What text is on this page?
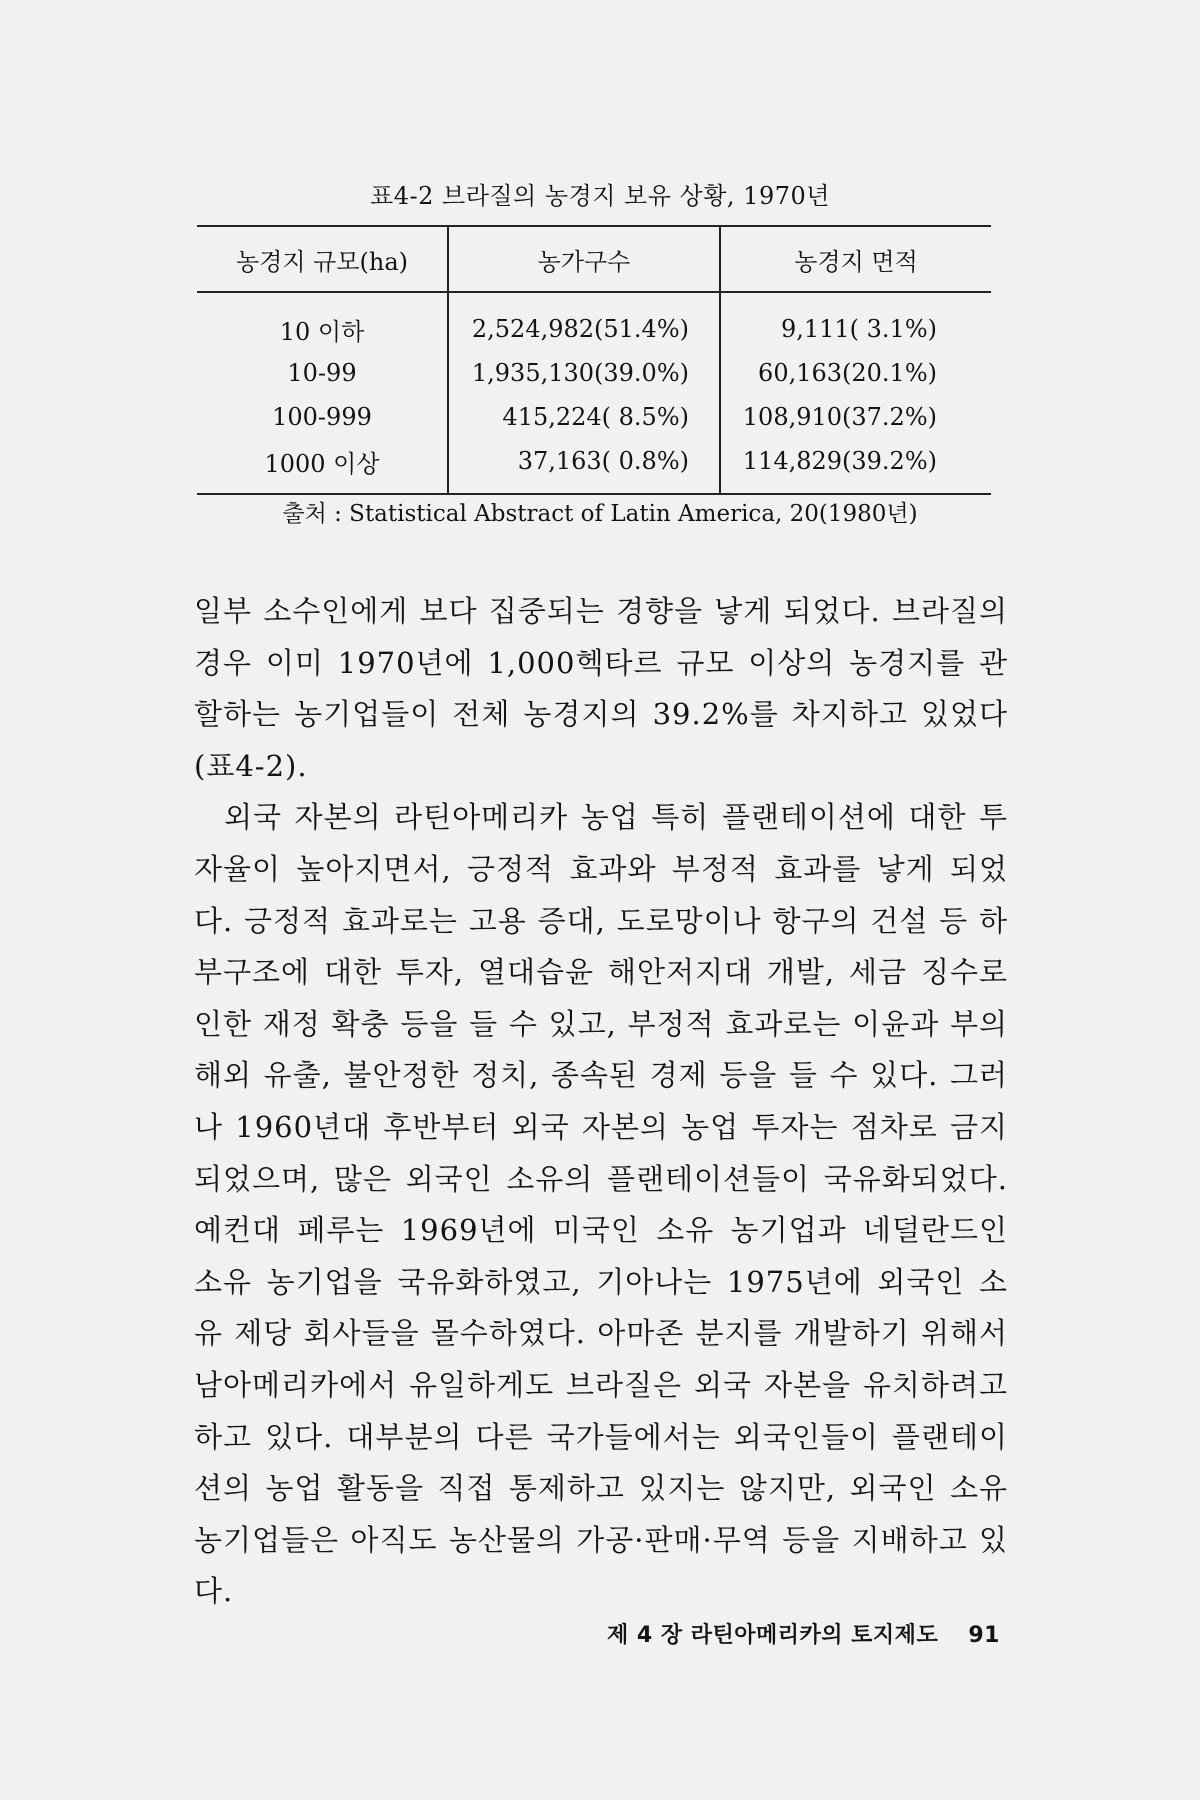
표4-2 브라질의 농경지 보유 상황, 1970년
농경지 규모(ha)	농가구수	농경지 면적
10 이하	2,524,982(51.4%)	9,111( 3.1%)
10-99	1,935,130(39.0%)	60,163(20.1%)
100-999	415,224( 8.5%)	108,910(37.2%)
1000 이상	37,163( 0.8%)	114,829(39.2%)
출처 : Statistical Abstract of Latin America, 20(1980년)

일부 소수인에게 보다 집중되는 경향을 낳게 되었다. 브라질의 경우 이미 1970년에 1,000헥타르 규모 이상의 농경지를 관할하는 농기업들이 전체 농경지의 39.2%를 차지하고 있었다(표4-2).

외국 자본의 라틴아메리카 농업 특히 플랜테이션에 대한 투자율이 높아지면서, 긍정적 효과와 부정적 효과를 낳게 되었다. 긍정적 효과로는 고용 증대, 도로망이나 항구의 건설 등 하부구조에 대한 투자, 열대습윤 해안저지대 개발, 세금 징수로 인한 재정 확충 등을 들 수 있고, 부정적 효과로는 이윤과 부의 해외 유출, 불안정한 정치, 종속된 경제 등을 들 수 있다. 그러나 1960년대 후반부터 외국 자본의 농업 투자는 점차로 금지되었으며, 많은 외국인 소유의 플랜테이션들이 국유화되었다. 예컨대 페루는 1969년에 미국인 소유 농기업과 네덜란드인 소유 농기업을 국유화하였고, 기아나는 1975년에 외국인 소유 제당 회사들을 몰수하였다. 아마존 분지를 개발하기 위해서 남아메리카에서 유일하게도 브라질은 외국 자본을 유치하려고 하고 있다. 대부분의 다른 국가들에서는 외국인들이 플랜테이션의 농업 활동을 직접 통제하고 있지는 않지만, 외국인 소유 농기업들은 아직도 농산물의 가공·판매·무역 등을 지배하고 있다.

제 4 장 라틴아메리카의 토지제도 91
